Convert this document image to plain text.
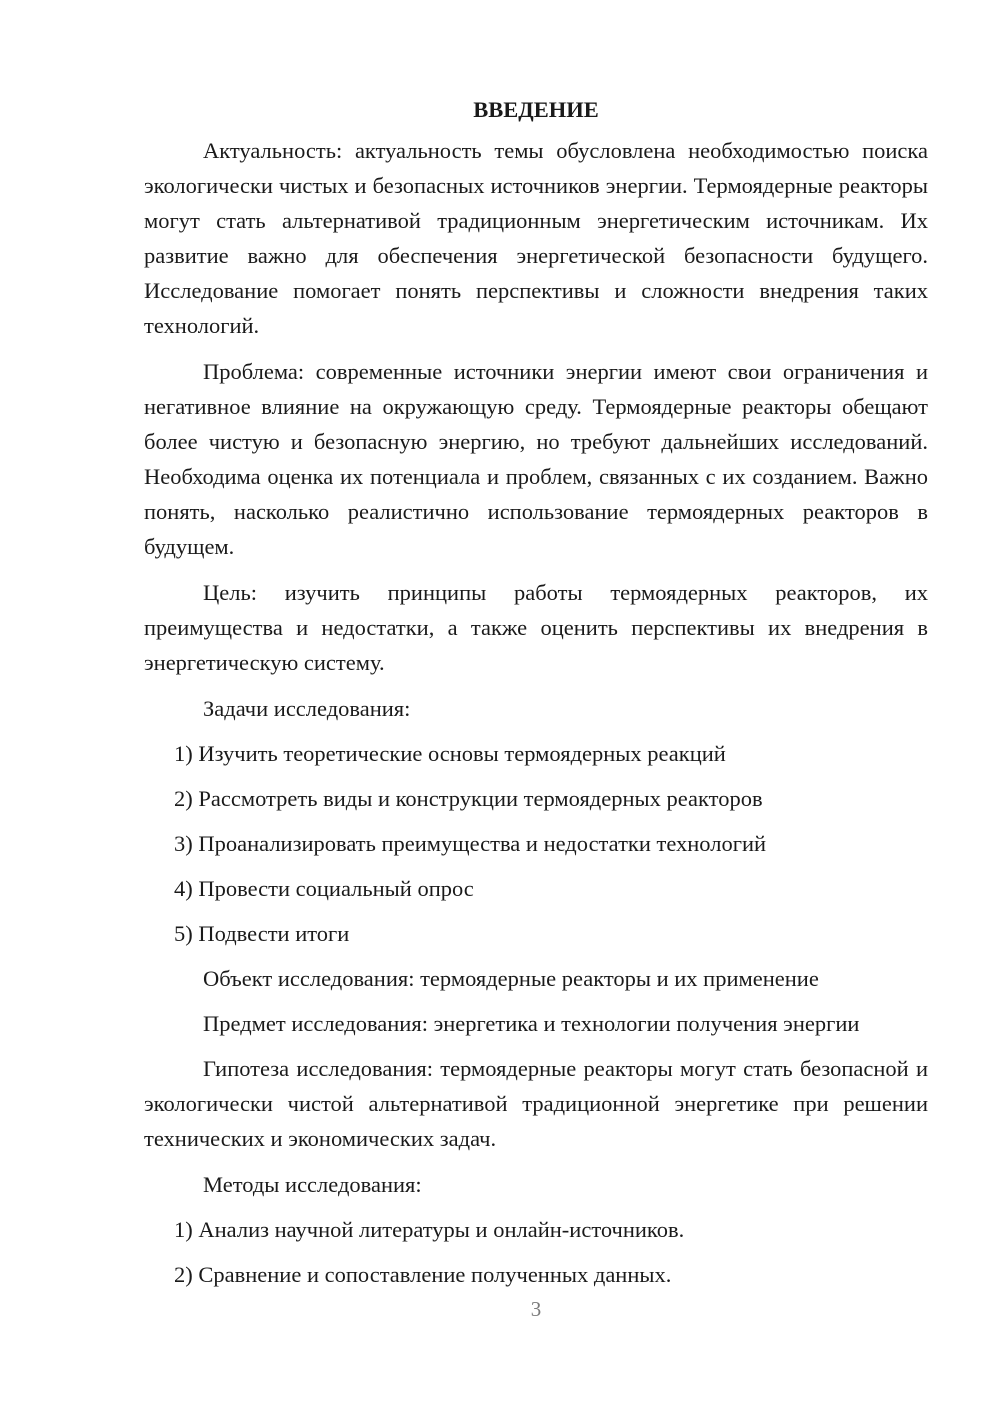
ВВЕДЕНИЕ

Актуальность: актуальность темы обусловлена необходимостью поиска экологически чистых и безопасных источников энергии. Термоядерные реакторы могут стать альтернативой традиционным энергетическим источникам. Их развитие важно для обеспечения энергетической безопасности будущего. Исследование помогает понять перспективы и сложности внедрения таких технологий.

Проблема: современные источники энергии имеют свои ограничения и негативное влияние на окружающую среду. Термоядерные реакторы обещают более чистую и безопасную энергию, но требуют дальнейших исследований. Необходима оценка их потенциала и проблем, связанных с их созданием. Важно понять, насколько реалистично использование термоядерных реакторов в будущем.

Цель: изучить принципы работы термоядерных реакторов, их преимущества и недостатки, а также оценить перспективы их внедрения в энергетическую систему.

Задачи исследования:

1) Изучить теоретические основы термоядерных реакций
2) Рассмотреть виды и конструкции термоядерных реакторов
3) Проанализировать преимущества и недостатки технологий
4) Провести социальный опрос
5) Подвести итоги

Объект исследования: термоядерные реакторы и их применение

Предмет исследования: энергетика и технологии получения энергии

Гипотеза исследования: термоядерные реакторы могут стать безопасной и экологически чистой альтернативой традиционной энергетике при решении технических и экономических задач.

Методы исследования:

1) Анализ научной литературы и онлайн-источников.
2) Сравнение и сопоставление полученных данных.
3
